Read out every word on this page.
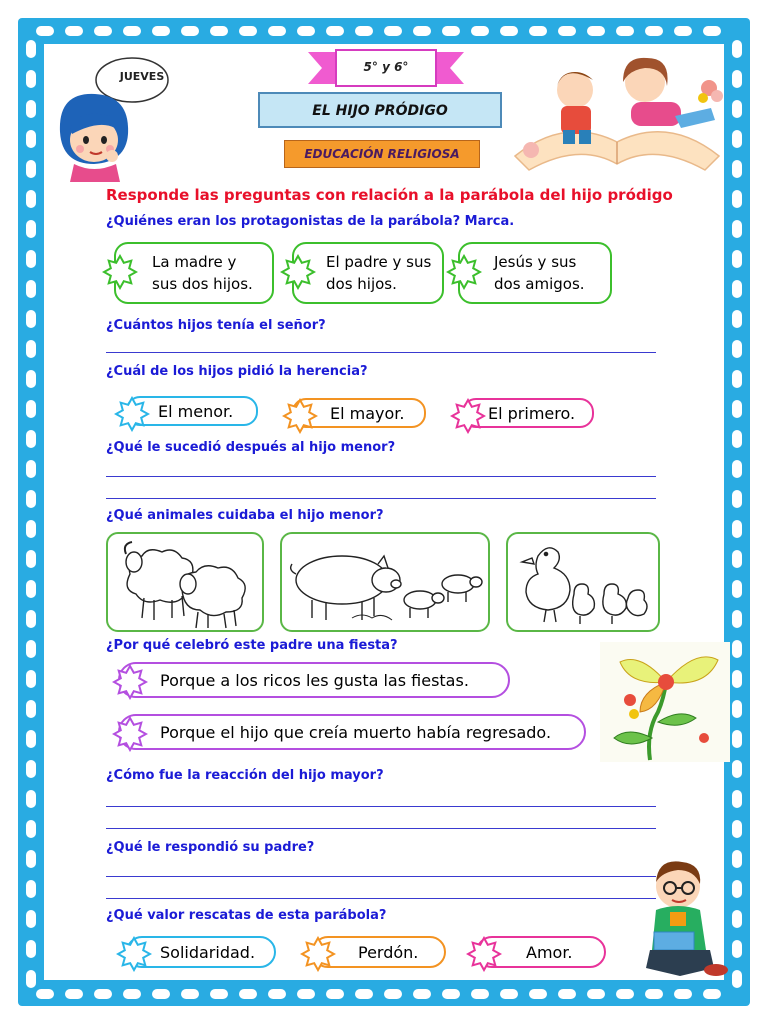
JUEVES
5° y 6°
EL HIJO PRÓDIGO
EDUCACIÓN RELIGIOSA
Responde las preguntas con relación a la parábola del hijo pródigo
¿Quiénes eran los protagonistas de la parábola? Marca.
La madre y
sus dos hijos.
El padre y sus
dos hijos.
Jesús y sus
dos amigos.
¿Cuántos hijos tenía el señor?
¿Cuál de los hijos pidió la herencia?
El menor.	El mayor.	El primero.
¿Qué le sucedió después al hijo menor?
¿Qué animales cuidaba el hijo menor?
¿Por qué celebró este padre una fiesta?
Porque a los ricos les gusta las fiestas.
Porque el hijo que creía muerto había regresado.
¿Cómo fue la reacción del hijo mayor?
¿Qué le respondió su padre?
¿Qué valor rescatas de esta parábola?
Solidaridad.	Perdón.	Amor.
